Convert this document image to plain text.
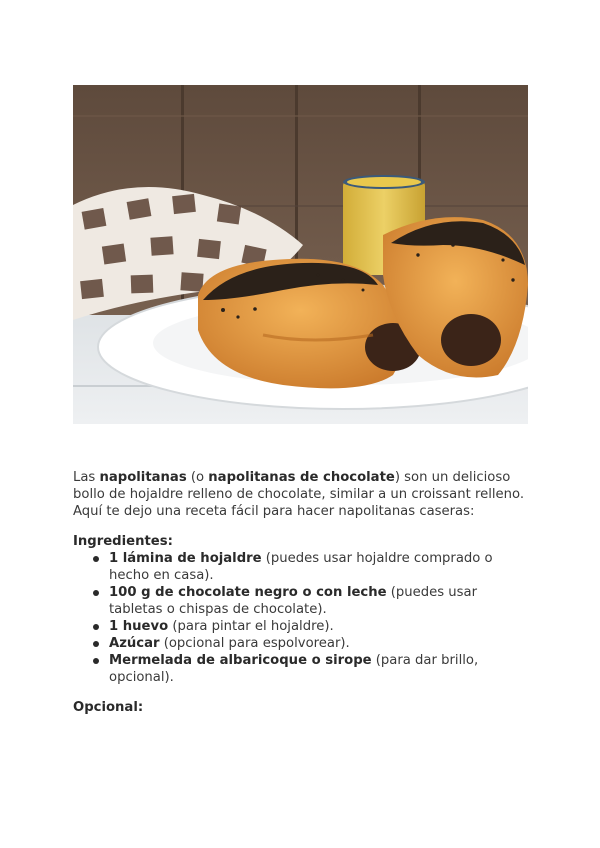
Las napolitanas (o napolitanas de chocolate) son un delicioso bollo de hojaldre relleno de chocolate, similar a un croissant relleno. Aquí te dejo una receta fácil para hacer napolitanas caseras:

Ingredientes:

1 lámina de hojaldre (puedes usar hojaldre comprado o hecho en casa).
100 g de chocolate negro o con leche (puedes usar tabletas o chispas de chocolate).
1 huevo (para pintar el hojaldre).
Azúcar (opcional para espolvorear).
Mermelada de albaricoque o sirope (para dar brillo, opcional).

Opcional:
